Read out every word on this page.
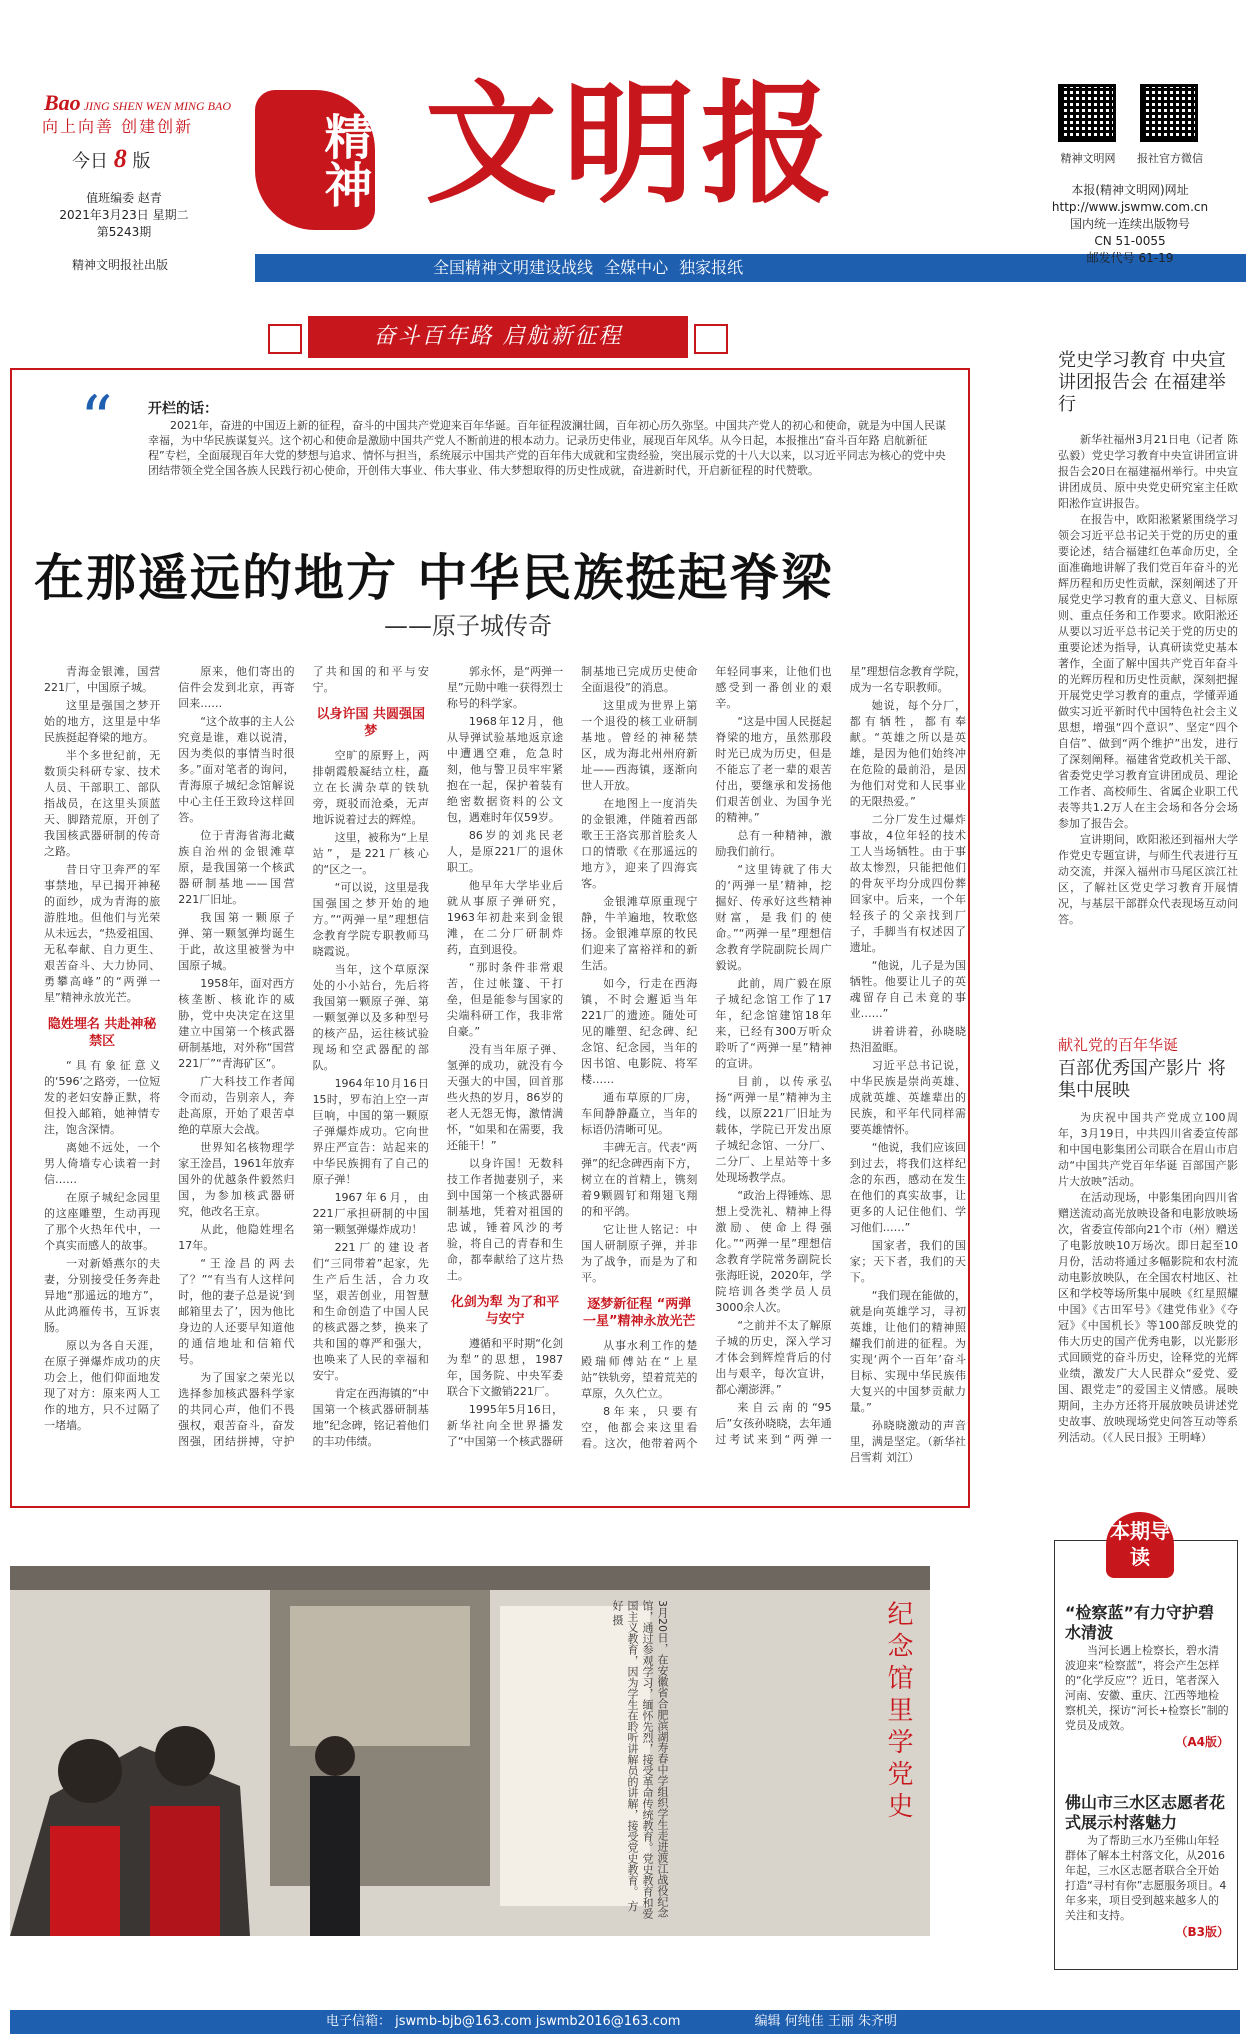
Bao JING SHEN WEN MING BAO
向上向善 创建创新
今日 8 版
值班编委 赵青
2021年3月23日 星期二
第5243期
精神文明报社出版
精神 文明报
全国精神文明建设战线 全媒中心 独家报纸
精神文明网	报社官方微信
本报(精神文明网)网址
http://www.jswmw.com.cn
国内统一连续出版物号
CN 51-0055
邮发代号 61-19
奋斗百年路 启航新征程
“	开栏的话：
2021年，奋进的中国迈上新的征程，奋斗的中国共产党迎来百年华诞。百年征程波澜壮阔，百年初心历久弥坚。中国共产党人的初心和使命，就是为中国人民谋幸福，为中华民族谋复兴。这个初心和使命是激励中国共产党人不断前进的根本动力。记录历史伟业，展现百年风华。从今日起，本报推出“奋斗百年路 启航新征程”专栏，全面展现百年大党的梦想与追求、情怀与担当，系统展示中国共产党的百年伟大成就和宝贵经验，突出展示党的十八大以来，以习近平同志为核心的党中央团结带领全党全国各族人民践行初心使命，开创伟大事业、伟大事业、伟大梦想取得的历史性成就，奋进新时代，开启新征程的时代赞歌。
在那遥远的地方 中华民族挺起脊梁
——原子城传奇

青海金银滩，国营221厂，中国原子城。

这里是强国之梦开始的地方，这里是中华民族挺起脊梁的地方。

半个多世纪前，无数顶尖科研专家、技术人员、干部职工、部队指战员，在这里头顶蓝天、脚踏荒原，开创了我国核武器研制的传奇之路。

昔日守卫奔严的军事禁地，早已揭开神秘的面纱，成为青海的旅游胜地。但他们与光荣从未远去，“热爱祖国、无私奉献、自力更生、艰苦奋斗、大力协同、勇攀高峰”的“两弹一星”精神永放光芒。

隐姓埋名 共赴神秘禁区

“具有象征意义的‘596’之路旁，一位短发的老妇安静正默，将但投入邮箱，她神情专注，饱含深情。

离她不远处，一个男人倚墙专心读着一封信……

在原子城纪念园里的这座雕塑，生动再现了那个火热年代中，一个真实而感人的故事。

一对新婚燕尔的夫妻，分别接受任务奔赴异地“那遥远的地方”，从此鸿雁传书，互诉衷肠。

原以为各自天涯，在原子弹爆炸成功的庆功会上，他们仰面地发现了对方：原来两人工作的地方，只不过隔了一堵墙。

原来，他们寄出的信件会发到北京，再寄回来……

“这个故事的主人公究竟是谁，难以说清，因为类似的事情当时很多。”面对笔者的询问，青海原子城纪念馆解说中心主任王致玲这样回答。

位于青海省海北藏族自治州的金银滩草原，是我国第一个核武器研制基地——国营221厂旧址。

我国第一颗原子弹、第一颗氢弹均诞生于此，故这里被誉为中国原子城。

1958年，面对西方核垄断、核讹诈的威胁，党中央决定在这里建立中国第一个核武器研制基地，对外称“国营221厂”“青海矿区”。

广大科技工作者闻令而动，告别亲人，奔赴高原，开始了艰苦卓绝的草原大会战。

世界知名核物理学家王淦昌，1961年放弃国外的优越条件毅然归国，为参加核武器研究，他改名王京。

从此，他隐姓埋名17年。

“王淦昌的两去了？”“有当有人这样问时，他的妻子总是说‘到邮箱里去了’，因为他比身边的人还要早知道他的通信地址和信箱代号。

为了国家之荣光以选择参加核武器科学家的共同心声，他们不畏强权，艰苦奋斗，奋发图强，团结拼搏，守护了共和国的和平与安宁。

以身许国 共圆强国梦

空旷的原野上，两排朝霞般凝结立柱，矗立在长满杂草的铁轨旁，斑驳而沧桑，无声地诉说着过去的辉煌。

这里，被称为“上星站”，是221厂核心的“区之一。

“可以说，这里是我国强国之梦开始的地方。”“两弹一星”理想信念教育学院专职教师马晓霞说。

当年，这个草原深处的小小站台，先后将我国第一颗原子弹、第一颗氢弹以及多种型号的核产品，运往核试验现场和空武器配的部队。

1964年10月16日15时，罗布泊上空一声巨响，中国的第一颗原子弹爆炸成功。它向世界庄严宣告：站起来的中华民族拥有了自己的原子弹！

1967年6月，由221厂承担研制的中国第一颗氢弹爆炸成功！

221厂的建设者们“三同带着”起家，先生产后生活，合力攻坚，艰苦创业，用智慧和生命创造了中国人民的核武器之梦，换来了共和国的尊严和强大，也唤来了人民的幸福和安宁。

肯定在西海镇的“中国第一个核武器研制基地”纪念碑，铭记着他们的丰功伟绩。

郭永怀，是“两弹一星”元勋中唯一获得烈士称号的科学家。

1968年12月，他从导弹试验基地返京途中遭遇空难，危急时刻，他与警卫员牢牢紧抱在一起，保护着装有绝密数据资料的公文包，遇难时年仅59岁。

86岁的刘兆民老人，是原221厂的退休职工。

他早年大学毕业后就从事原子弹研究，1963年初赴来到金银滩，在二分厂研制炸药，直到退役。

“那时条件非常艰苦，住过帐篷、干打垒，但是能参与国家的尖端科研工作，我非常自豪。”

没有当年原子弹、氢弹的成功，就没有今天强大的中国，回首那些火热的岁月，86岁的老人无怨无悔，激情满怀，“如果和在需要，我还能干！”

以身许国！无数科技工作者抛妻别子，来到中国第一个核武器研制基地，凭着对祖国的忠诚，锤着风沙的考验，将自己的青春和生命，都奉献给了这片热土。

化剑为犁 为了和平与安宁

遵循和平时期“化剑为犁”的思想，1987年，国务院、中央军委联合下文撤销221厂。

1995年5月16日，新华社向全世界播发了“中国第一个核武器研制基地已完成历史使命全面退役”的消息。

这里成为世界上第一个退役的核工业研制基地。曾经的神秘禁区，成为海北州州府新址——西海镇，逐渐向世人开放。

在地图上一度消失的金银滩，伴随着西部歌王王洛宾那首脍炙人口的情歌《在那遥远的地方》，迎来了四海宾客。

金银滩草原重现宁静，牛羊遍地，牧歌悠扬。金银滩草原的牧民们迎来了富裕祥和的新生活。

如今，行走在西海镇，不时会邂逅当年221厂的遗迹。随处可见的雕塑、纪念碑、纪念馆、纪念园，当年的因书馆、电影院、将军楼……

通布草原的厂房，车间静静矗立，当年的标语仍清晰可见。

丰碑无言。代表“两弹”的纪念碑西南下方，树立在的首精上，镌刻着9颗圆钉和翔翅飞翔的和平鸽。

它让世人铭记：中国人研制原子弹，并非为了战争，而是为了和平。

逐梦新征程 “两弹一星”精神永放光芒

从事水利工作的楚殿瑞师傅站在“上星站”铁轨旁，望着荒芜的草原，久久伫立。

8年来，只要有空，他都会来这里看看。这次，他带着两个年轻同事来，让他们也感受到一番创业的艰辛。

“这是中国人民挺起脊梁的地方，虽然那段时光已成为历史，但是不能忘了老一辈的艰苦付出，要继承和发扬他们艰苦创业、为国争光的精神。”

总有一种精神，激励我们前行。

“这里铸就了伟大的‘两弹一星’精神，挖掘好、传承好这些精神财富，是我们的使命。”“两弹一星”理想信念教育学院副院长周广毅说。

此前，周广毅在原子城纪念馆工作了17年，纪念馆建馆18年来，已经有300万听众聆听了“两弹一星”精神的宣讲。

目前，以传承弘扬“两弹一星”精神为主线，以原221厂旧址为载体，学院已开发出原子城纪念馆、一分厂、二分厂、上星站等十多处现场教学点。

“政治上得锤炼、思想上受洗礼、精神上得激励、使命上得强化。”“两弹一星”理想信念教育学院常务副院长张海旺说，2020年，学院培训各类学员人员3000余人次。

“之前并不太了解原子城的历史，深入学习才体会到辉煌背后的付出与艰辛，每次宣讲，都心潮澎湃。”

来自云南的“95后”女孩孙晓晓，去年通过考试来到“两弹一星”理想信念教育学院，成为一名专职教师。

她说，每个分厂，都有牺牲，都有奉献。“英雄之所以是英雄，是因为他们始终冲在危险的最前沿，是因为他们对党和人民事业的无限热爱。”

二分厂发生过爆炸事故，4位年轻的技术工人当场牺牲。由于事故太惨烈，只能把他们的骨灰平均分成四份葬回家中。后来，一个年轻孩子的父亲找到厂子，手脚当有权述因了遗址。

“他说，儿子是为国牺牲。他要让儿子的英魂留存自己未竟的事业……”

讲着讲着，孙晓晓热泪盈眶。

习近平总书记说，中华民族是崇尚英雄、成就英雄、英雄辈出的民族，和平年代同样需要英雄情怀。

“他说，我们应该回到过去，将我们这样纪念的东西，感动在发生在他们的真实故事，让更多的人记住他们、学习他们……”

国家者，我们的国家；天下者，我们的天下。

“我们现在能做的，就是向英雄学习，寻初英雄，让他们的精神照耀我们前进的征程。为实现‘两个一百年’奋斗目标、实现中华民族伟大复兴的中国梦贡献力量。”

孙晓晓激动的声音里，满是坚定。（新华社 吕雪莉 刘江）

党史学习教育 中央宣讲团报告会 在福建举行

新华社福州3月21日电（记者 陈弘毅）党史学习教育中央宣讲团宣讲报告会20日在福建福州举行。中央宣讲团成员、原中央党史研究室主任欧阳淞作宣讲报告。

在报告中，欧阳淞紧紧围绕学习领会习近平总书记关于党的历史的重要论述，结合福建红色革命历史，全面准确地讲解了我们党百年奋斗的光辉历程和历史性贡献，深刻阐述了开展党史学习教育的重大意义、目标原则、重点任务和工作要求。欧阳淞还从要以习近平总书记关于党的历史的重要论述为指导，认真研读党史基本著作，全面了解中国共产党百年奋斗的光辉历程和历史性贡献，深刻把握开展党史学习教育的重点，学懂弄通做实习近平新时代中国特色社会主义思想，增强“四个意识”、坚定“四个自信”、做到“两个维护”出发，进行了深刻阐释。福建省党政机关干部、省委党史学习教育宣讲团成员、理论工作者、高校师生、省属企业职工代表等共1.2万人在主会场和各分会场参加了报告会。

宣讲期间，欧阳淞还到福州大学作党史专题宣讲，与师生代表进行互动交流，并深入福州市马尾区滨江社区，了解社区党史学习教育开展情况，与基层干部群众代表现场互动问答。

献礼党的百年华诞
百部优秀国产影片 将集中展映

为庆祝中国共产党成立100周年，3月19日，中共四川省委宣传部和中国电影集团公司联合在眉山市启动“中国共产党百年华诞 百部国产影片大放映”活动。

在活动现场，中影集团向四川省赠送流动高光放映设备和电影放映场次，省委宣传部向21个市（州）赠送了电影放映10万场次。即日起至10月份，活动将通过多幅影院和农村流动电影放映队，在全国农村地区、社区和学校等场所集中展映《红星照耀中国》《古田军号》《建党伟业》《夺冠》《中国机长》等100部反映党的伟大历史的国产优秀电影，以光影形式回顾党的奋斗历史，诠释党的光辉业绩，激发广大人民群众“爱党、爱国、跟党走”的爱国主义情感。展映期间，主办方还将开展放映员讲述党史故事、放映现场党史问答互动等系列活动。（《人民日报》王明峰）

“检察蓝”有力守护碧水清波
当河长遇上检察长，碧水清波迎来“检察蓝”，将会产生怎样的“化学反应”？近日，笔者深入河南、安徽、重庆、江西等地检察机关，探访“河长+检察长”制的党员及成效。
（A4版）
佛山市三水区志愿者花式展示村落魅力
为了帮助三水乃至佛山年轻群体了解本土村落文化，从2016年起，三水区志愿者联合全开始打造“寻村有你”志愿服务项目。4年多来，项目受到越来越多人的关注和支持。
（B3版）
本期导读
3月20日，在安徽省合肥滨湖寿春中学组织学生走进渡江战役纪念馆，通过参观学习，缅怀先烈，接受革命传统教育。党史教育和爱国主义教育，因为学生在聆听讲解员的讲解，接受党史教育。 方好 摄	纪念馆里学党史
电子信箱： jswmb-bjb@163.com jswmb2016@163.com	编辑 何纯佳 王丽 朱齐明
